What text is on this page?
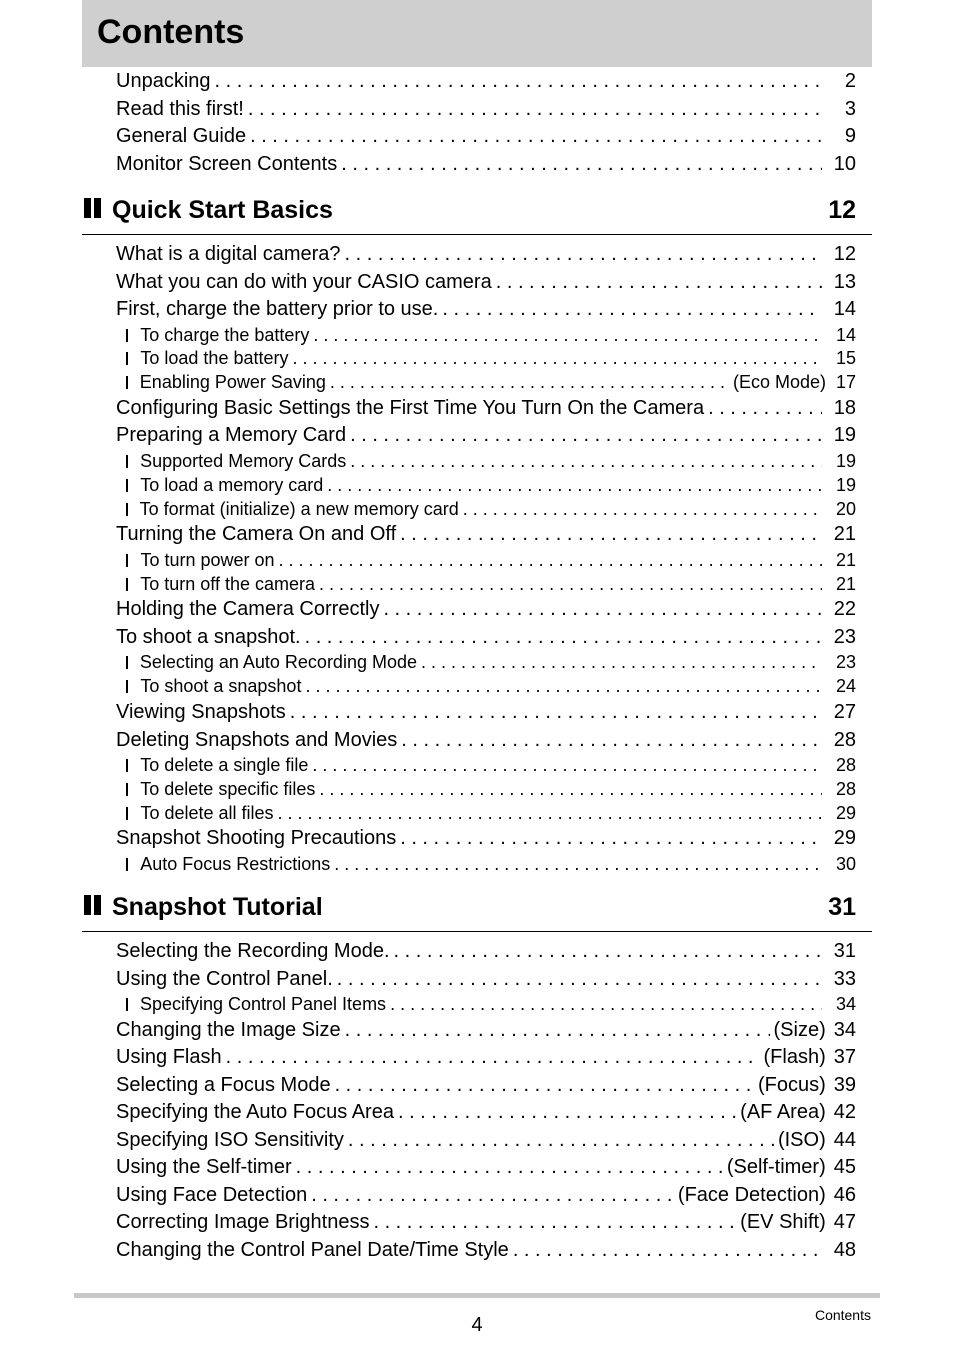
Contents
Unpacking . . .	2
Read this first! . . .	3
General Guide . . .	9
Monitor Screen Contents . . .	10
Quick Start Basics	12
What is a digital camera? . . .	12
What you can do with your CASIO camera . . .	13
First, charge the battery prior to use. . . .	14
To charge the battery . . .	14
To load the battery . . .	15
Enabling Power Saving . . .	(Eco Mode) 17
Configuring Basic Settings the First Time You Turn On the Camera . . .	18
Preparing a Memory Card . . .	19
Supported Memory Cards . . .	19
To load a memory card . . .	19
To format (initialize) a new memory card . . .	20
Turning the Camera On and Off . . .	21
To turn power on . . .	21
To turn off the camera . . .	21
Holding the Camera Correctly . . .	22
To shoot a snapshot. . . .	23
Selecting an Auto Recording Mode . . .	23
To shoot a snapshot . . .	24
Viewing Snapshots . . .	27
Deleting Snapshots and Movies . . .	28
To delete a single file . . .	28
To delete specific files . . .	28
To delete all files . . .	29
Snapshot Shooting Precautions . . .	29
Auto Focus Restrictions . . .	30
Snapshot Tutorial	31
Selecting the Recording Mode. . . .	31
Using the Control Panel. . . .	33
Specifying Control Panel Items . . .	34
Changing the Image Size . . .	(Size) 34
Using Flash . . .	(Flash) 37
Selecting a Focus Mode . . .	(Focus) 39
Specifying the Auto Focus Area . . .	(AF Area) 42
Specifying ISO Sensitivity . . .	(ISO) 44
Using the Self-timer . . .	(Self-timer) 45
Using Face Detection . . .	(Face Detection) 46
Correcting Image Brightness . . .	(EV Shift) 47
Changing the Control Panel Date/Time Style . . .	48
4	Contents
